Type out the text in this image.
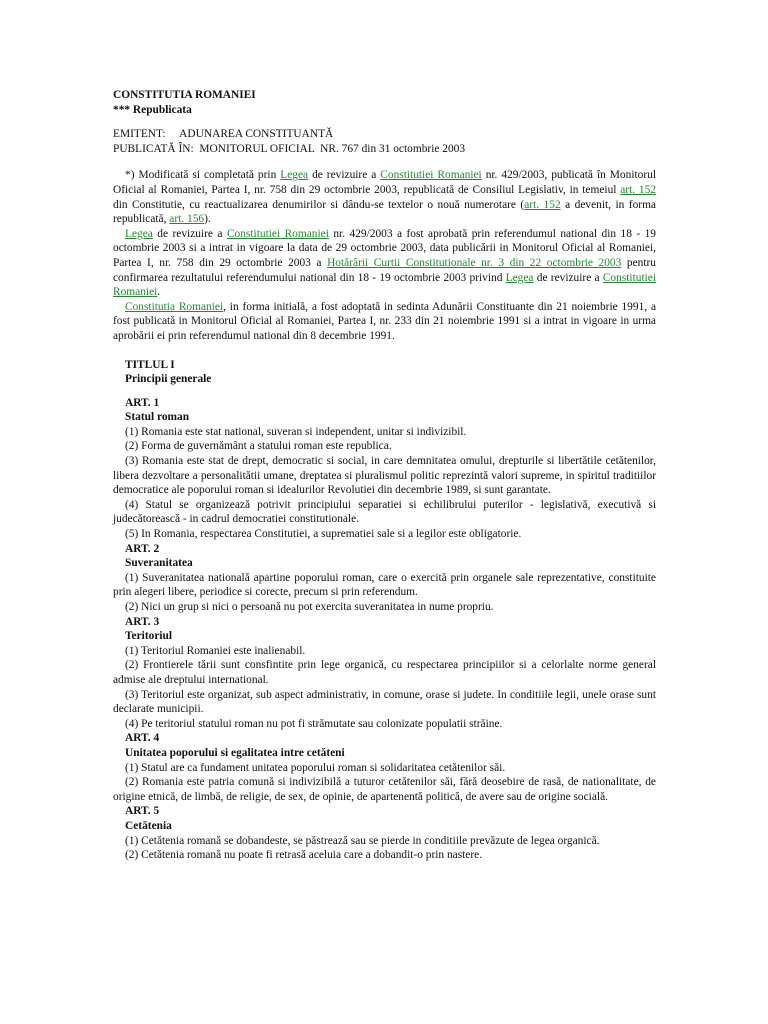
CONSTITUTIA ROMANIEI

*** Republicata

EMITENT:     ADUNAREA CONSTITUANTĂ

PUBLICATĂ ÎN:  MONITORUL OFICIAL  NR. 767 din 31 octombrie 2003

*) Modificată si completată prin Legea de revizuire a Constitutiei Romaniei nr. 429/2003, publicată în Monitorul Oficial al Romaniei, Partea I, nr. 758 din 29 octombrie 2003, republicată de Consiliul Legislativ, in temeiul art. 152 din Constitutie, cu reactualizarea denumirilor si dându-se textelor o nouă numerotare (art. 152 a devenit, in forma republicată, art. 156).

Legea de revizuire a Constitutiei Romaniei nr. 429/2003 a fost aprobată prin referendumul national din 18 - 19 octombrie 2003 si a intrat in vigoare la data de 29 octombrie 2003, data publicării in Monitorul Oficial al Romaniei, Partea I, nr. 758 din 29 octombrie 2003 a Hotărârii Curtii Constitutionale nr. 3 din 22 octombrie 2003 pentru confirmarea rezultatului referendumului national din 18 - 19 octombrie 2003 privind Legea de revizuire a Constitutiei Romaniei.

Constitutia Romaniei, in forma initială, a fost adoptată in sedinta Adunării Constituante din 21 noiembrie 1991, a fost publicată in Monitorul Oficial al Romaniei, Partea I, nr. 233 din 21 noiembrie 1991 si a intrat in vigoare in urma aprobării ei prin referendumul national din 8 decembrie 1991.

TITLUL I

Principii generale

ART. 1

Statul roman

(1) Romania este stat national, suveran si independent, unitar si indivizibil.

(2) Forma de guvernământ a statului roman este republica.

(3) Romania este stat de drept, democratic si social, in care demnitatea omului, drepturile si libertătile cetătenilor, libera dezvoltare a personalitătii umane, dreptatea si pluralismul politic reprezintă valori supreme, in spiritul traditiilor democratice ale poporului roman si idealurilor Revolutiei din decembrie 1989, si sunt garantate.

(4) Statul se organizează potrivit principiului separatiei si echilibrului puterilor - legislativă, executivă si judecătorească - in cadrul democratiei constitutionale.

(5) In Romania, respectarea Constitutiei, a suprematiei sale si a legilor este obligatorie.

ART. 2

Suveranitatea

(1) Suveranitatea natională apartine poporului roman, care o exercită prin organele sale reprezentative, constituite prin alegeri libere, periodice si corecte, precum si prin referendum.

(2) Nici un grup si nici o persoană nu pot exercita suveranitatea in nume propriu.

ART. 3

Teritoriul

(1) Teritoriul Romaniei este inalienabil.

(2) Frontierele tării sunt consfintite prin lege organică, cu respectarea principiilor si a celorlalte norme general admise ale dreptului international.

(3) Teritoriul este organizat, sub aspect administrativ, in comune, orase si judete. In conditiile legii, unele orase sunt declarate municipii.

(4) Pe teritoriul statului roman nu pot fi strămutate sau colonizate populatii străine.

ART. 4

Unitatea poporului si egalitatea intre cetăteni

(1) Statul are ca fundament unitatea poporului roman si solidaritatea cetătenilor săi.

(2) Romania este patria comună si indivizibilă a tuturor cetătenilor săi, fără deosebire de rasă, de nationalitate, de origine etnică, de limbă, de religie, de sex, de opinie, de apartenentă politică, de avere sau de origine socială.

ART. 5

Cetătenia

(1) Cetătenia romană se dobandeste, se păstrează sau se pierde in conditiile prevăzute de legea organică.

(2) Cetătenia romană nu poate fi retrasă aceluia care a dobandit-o prin nastere.
